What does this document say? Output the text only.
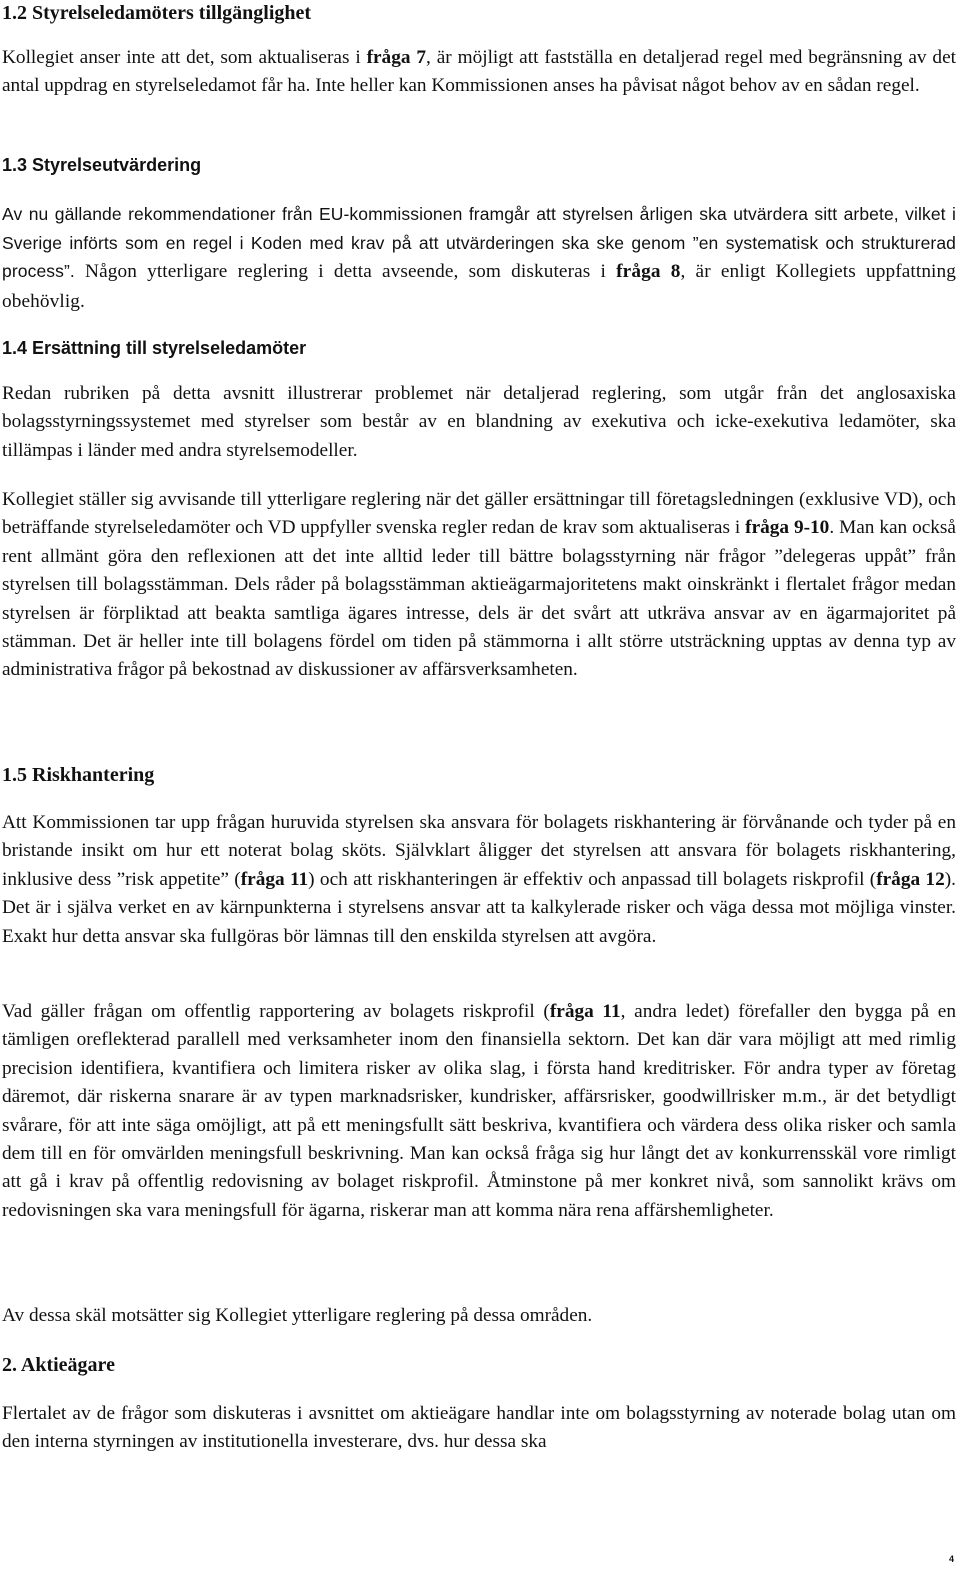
1.2 Styrelseledamöters tillgänglighet

Kollegiet anser inte att det, som aktualiseras i fråga 7, är möjligt att fastställa en detaljerad regel med begränsning av det antal uppdrag en styrelseledamot får ha. Inte heller kan Kommissionen anses ha påvisat något behov av en sådan regel.

1.3 Styrelseutvärdering

Av nu gällande rekommendationer från EU-kommissionen framgår att styrelsen årligen ska utvärdera sitt arbete, vilket i Sverige införts som en regel i Koden med krav på att utvärderingen ska ske genom ”en systematisk och strukturerad process”. Någon ytterligare reglering i detta avseende, som diskuteras i fråga 8, är enligt Kollegiets uppfattning obehövlig.

1.4 Ersättning till styrelseledamöter

Redan rubriken på detta avsnitt illustrerar problemet när detaljerad reglering, som utgår från det anglosaxiska bolagsstyrningssystemet med styrelser som består av en blandning av exekutiva och icke-exekutiva ledamöter, ska tillämpas i länder med andra styrelsemodeller.

Kollegiet ställer sig avvisande till ytterligare reglering när det gäller ersättningar till företagsledningen (exklusive VD), och beträffande styrelseledamöter och VD uppfyller svenska regler redan de krav som aktualiseras i fråga 9-10. Man kan också rent allmänt göra den reflexionen att det inte alltid leder till bättre bolagsstyrning när frågor ”delegeras uppåt” från styrelsen till bolagsstämman. Dels råder på bolagsstämman aktieägarmajoritetens makt oinskränkt i flertalet frågor medan styrelsen är förpliktad att beakta samtliga ägares intresse, dels är det svårt att utkräva ansvar av en ägarmajoritet på stämman. Det är heller inte till bolagens fördel om tiden på stämmorna i allt större utsträckning upptas av denna typ av administrativa frågor på bekostnad av diskussioner av affärsverksamheten.

1.5 Riskhantering

Att Kommissionen tar upp frågan huruvida styrelsen ska ansvara för bolagets riskhantering är förvånande och tyder på en bristande insikt om hur ett noterat bolag sköts. Självklart åligger det styrelsen att ansvara för bolagets riskhantering, inklusive dess ”risk appetite” (fråga 11) och att riskhanteringen är effektiv och anpassad till bolagets riskprofil (fråga 12). Det är i själva verket en av kärnpunkterna i styrelsens ansvar att ta kalkylerade risker och väga dessa mot möjliga vinster. Exakt hur detta ansvar ska fullgöras bör lämnas till den enskilda styrelsen att avgöra.

Vad gäller frågan om offentlig rapportering av bolagets riskprofil (fråga 11, andra ledet) förefaller den bygga på en tämligen oreflekterad parallell med verksamheter inom den finansiella sektorn. Det kan där vara möjligt att med rimlig precision identifiera, kvantifiera och limitera risker av olika slag, i första hand kreditrisker. För andra typer av företag däremot, där riskerna snarare är av typen marknadsrisker, kundrisker, affärsrisker, goodwillrisker m.m., är det betydligt svårare, för att inte säga omöjligt, att på ett meningsfullt sätt beskriva, kvantifiera och värdera dess olika risker och samla dem till en för omvärlden meningsfull beskrivning. Man kan också fråga sig hur långt det av konkurrensskäl vore rimligt att gå i krav på offentlig redovisning av bolaget riskprofil. Åtminstone på mer konkret nivå, som sannolikt krävs om redovisningen ska vara meningsfull för ägarna, riskerar man att komma nära rena affärshemligheter.

Av dessa skäl motsätter sig Kollegiet ytterligare reglering på dessa områden.

2. Aktieägare

Flertalet av de frågor som diskuteras i avsnittet om aktieägare handlar inte om bolagsstyrning av noterade bolag utan om den interna styrningen av institutionella investerare, dvs. hur dessa ska

4
